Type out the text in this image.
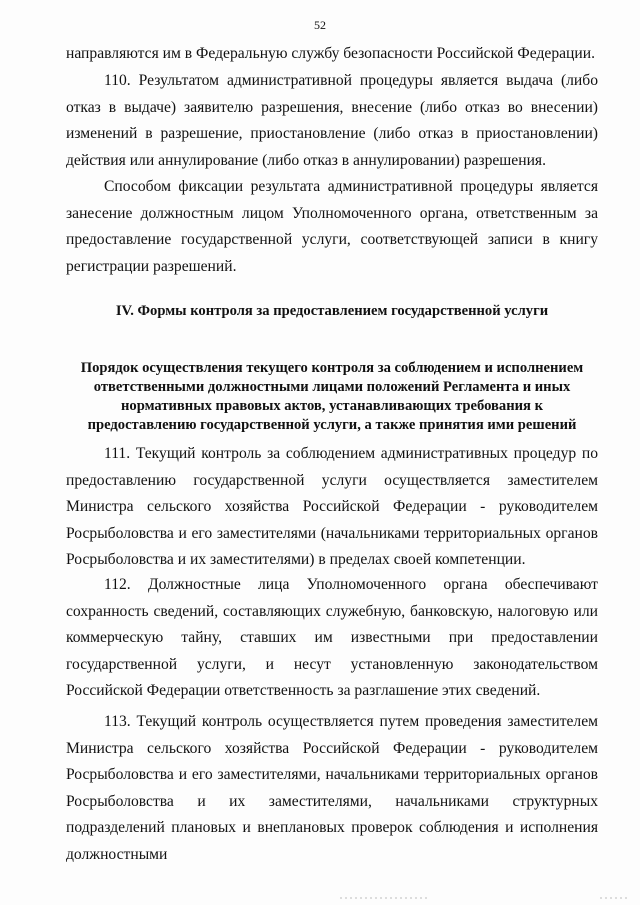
52

направляются им в Федеральную службу безопасности Российской Федерации.

110. Результатом административной процедуры является выдача (либо отказ в выдаче) заявителю разрешения, внесение (либо отказ во внесении) изменений в разрешение, приостановление (либо отказ в приостановлении) действия или аннулирование (либо отказ в аннулировании) разрешения.

Способом фиксации результата административной процедуры является занесение должностным лицом Уполномоченного органа, ответственным за предоставление государственной услуги, соответствующей записи в книгу регистрации разрешений.

IV. Формы контроля за предоставлением государственной услуги

Порядок осуществления текущего контроля за соблюдением и исполнением ответственными должностными лицами положений Регламента и иных нормативных правовых актов, устанавливающих требования к предоставлению государственной услуги, а также принятия ими решений

111. Текущий контроль за соблюдением административных процедур по предоставлению государственной услуги осуществляется заместителем Министра сельского хозяйства Российской Федерации - руководителем Росрыболовства и его заместителями (начальниками территориальных органов Росрыболовства и их заместителями) в пределах своей компетенции.

112. Должностные лица Уполномоченного органа обеспечивают сохранность сведений, составляющих служебную, банковскую, налоговую или коммерческую тайну, ставших им известными при предоставлении государственной услуги, и несут установленную законодательством Российской Федерации ответственность за разглашение этих сведений.

113. Текущий контроль осуществляется путем проведения заместителем Министра сельского хозяйства Российской Федерации - руководителем Росрыболовства и его заместителями, начальниками территориальных органов Росрыболовства и их заместителями, начальниками структурных подразделений плановых и внеплановых проверок соблюдения и исполнения должностными
